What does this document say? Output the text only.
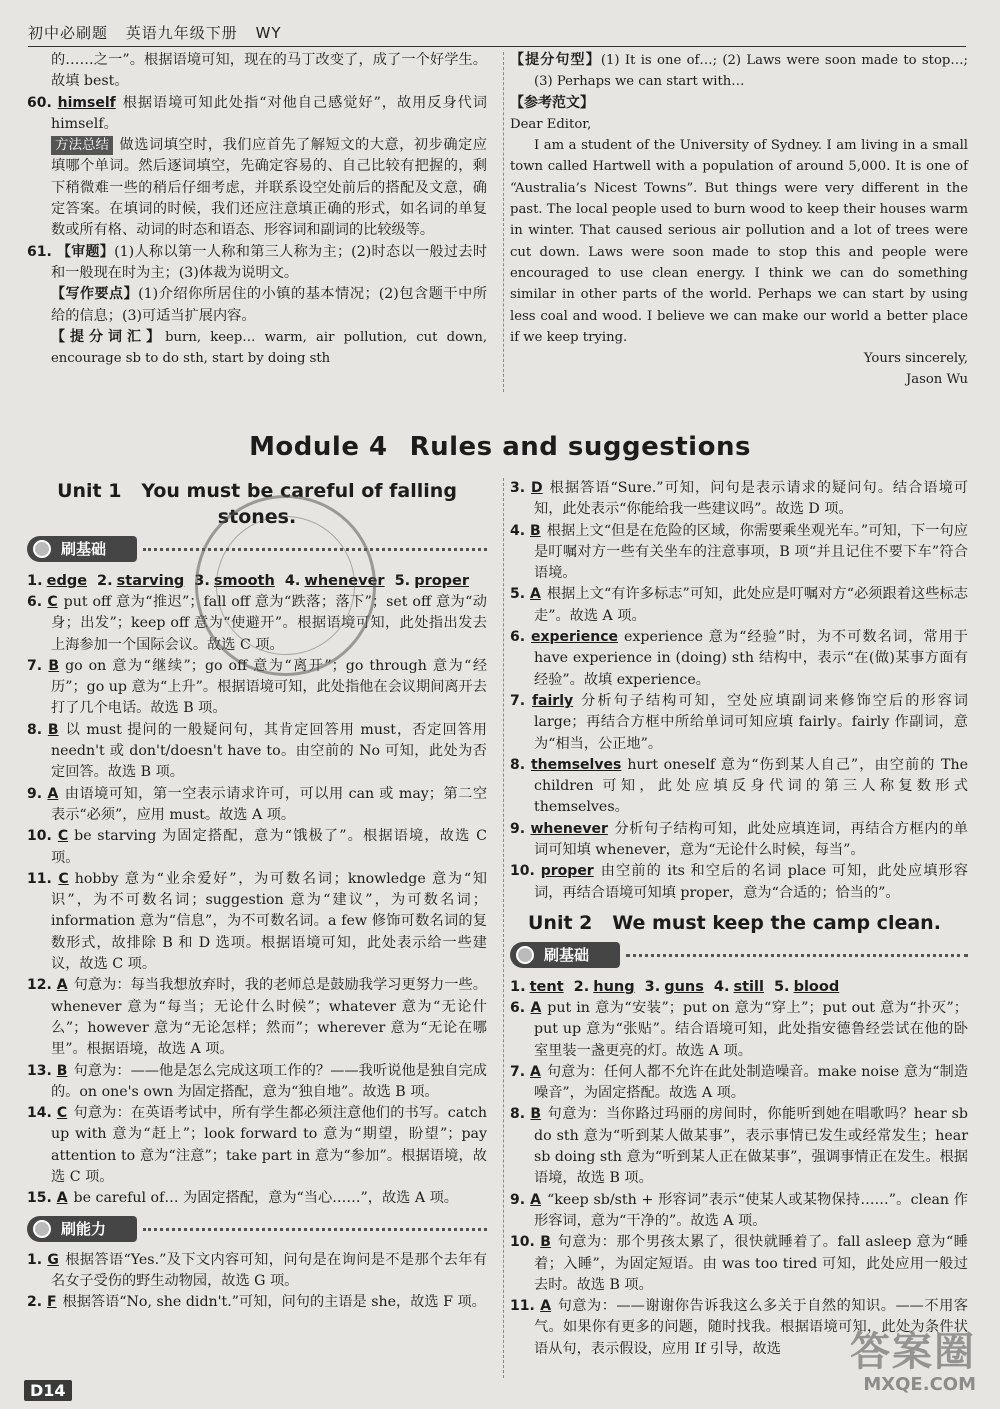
初中必刷题 英语九年级下册 WY

的……之一”。根据语境可知，现在的马丁改变了，成了一个好学生。故填 best。

60. himself 根据语境可知此处指“对他自己感觉好”，故用反身代词 himself。

方法总结 做选词填空时，我们应首先了解短文的大意，初步确定应填哪个单词。然后逐词填空，先确定容易的、自己比较有把握的，剩下稍微难一些的稍后仔细考虑，并联系设空处前后的搭配及文意，确定答案。在填词的时候，我们还应注意填正确的形式，如名词的单复数或所有格、动词的时态和语态、形容词和副词的比较级等。

61. 【审题】(1)人称以第一人称和第三人称为主；(2)时态以一般过去时和一般现在时为主；(3)体裁为说明文。

【写作要点】(1)介绍你所居住的小镇的基本情况；(2)包含题干中所给的信息；(3)可适当扩展内容。

【提分词汇】burn, keep… warm, air pollution, cut down, encourage sb to do sth, start by doing sth

【提分句型】(1) It is one of…; (2) Laws were soon made to stop…; (3) Perhaps we can start with…

【参考范文】

Dear Editor,

I am a student of the University of Sydney. I am living in a small town called Hartwell with a population of around 5,000. It is one of “Australia’s Nicest Towns”. But things were very different in the past. The local people used to burn wood to keep their houses warm in winter. That caused serious air pollution and a lot of trees were cut down. Laws were soon made to stop this and people were encouraged to use clean energy. I think we can do something similar in other parts of the world. Perhaps we can start by using less coal and wood. I believe we can make our world a better place if we keep trying.

Yours sincerely,

Jason Wu

Module 4 Rules and suggestions
Unit 1 You must be careful of falling stones.
刷基础

1. edge 2. starving 3. smooth 4. whenever 5. proper

6. C put off 意为“推迟”；fall off 意为“跌落；落下”；set off 意为“动身；出发”；keep off 意为“使避开”。根据语境可知，此处指出发去上海参加一个国际会议。故选 C 项。

7. B go on 意为“继续”；go off 意为“离开”；go through 意为“经历”；go up 意为“上升”。根据语境可知，此处指他在会议期间离开去打了几个电话。故选 B 项。

8. B 以 must 提问的一般疑问句，其肯定回答用 must，否定回答用 needn't 或 don't/doesn't have to。由空前的 No 可知，此处为否定回答。故选 B 项。

9. A 由语境可知，第一空表示请求许可，可以用 can 或 may；第二空表示“必须”，应用 must。故选 A 项。

10. C be starving 为固定搭配，意为“饿极了”。根据语境，故选 C 项。

11. C hobby 意为“业余爱好”，为可数名词；knowledge 意为“知识”，为不可数名词；suggestion 意为“建议”，为可数名词；information 意为“信息”，为不可数名词。a few 修饰可数名词的复数形式，故排除 B 和 D 选项。根据语境可知，此处表示给一些建议，故选 C 项。

12. A 句意为：每当我想放弃时，我的老师总是鼓励我学习更努力一些。whenever 意为“每当；无论什么时候”；whatever 意为“无论什么”；however 意为“无论怎样；然而”；wherever 意为“无论在哪里”。根据语境，故选 A 项。

13. B 句意为：——他是怎么完成这项工作的？——我听说他是独自完成的。on one's own 为固定搭配，意为“独自地”。故选 B 项。

14. C 句意为：在英语考试中，所有学生都必须注意他们的书写。catch up with 意为“赶上”；look forward to 意为“期望，盼望”；pay attention to 意为“注意”；take part in 意为“参加”。根据语境，故选 C 项。

15. A be careful of… 为固定搭配，意为“当心……”，故选 A 项。

刷能力

1. G 根据答语“Yes.”及下文内容可知，问句是在询问是不是那个去年有名女子受伤的野生动物园，故选 G 项。

2. F 根据答语“No, she didn't.”可知，问句的主语是 she，故选 F 项。

3. D 根据答语“Sure.”可知，问句是表示请求的疑问句。结合语境可知，此处表示“你能给我一些建议吗”。故选 D 项。

4. B 根据上文“但是在危险的区域，你需要乘坐观光车。”可知，下一句应是叮嘱对方一些有关坐车的注意事项，B 项“并且记住不要下车”符合语境。

5. A 根据上文“有许多标志”可知，此处应是叮嘱对方“必须跟着这些标志走”。故选 A 项。

6. experience experience 意为“经验”时，为不可数名词，常用于 have experience in (doing) sth 结构中，表示“在(做)某事方面有经验”。故填 experience。

7. fairly 分析句子结构可知，空处应填副词来修饰空后的形容词 large；再结合方框中所给单词可知应填 fairly。fairly 作副词，意为“相当，公正地”。

8. themselves hurt oneself 意为“伤到某人自己”，由空前的 The children 可知，此处应填反身代词的第三人称复数形式 themselves。

9. whenever 分析句子结构可知，此处应填连词，再结合方框内的单词可知填 whenever，意为“无论什么时候，每当”。

10. proper 由空前的 its 和空后的名词 place 可知，此处应填形容词，再结合语境可知填 proper，意为“合适的；恰当的”。

Unit 2 We must keep the camp clean.
刷基础

1. tent 2. hung 3. guns 4. still 5. blood

6. A put in 意为“安装”；put on 意为“穿上”；put out 意为“扑灭”；put up 意为“张贴”。结合语境可知，此处指安德鲁经尝试在他的卧室里装一盏更亮的灯。故选 A 项。

7. A 句意为：任何人都不允许在此处制造噪音。make noise 意为“制造噪音”，为固定搭配。故选 A 项。

8. B 句意为：当你路过玛丽的房间时，你能听到她在唱歌吗？hear sb do sth 意为“听到某人做某事”，表示事情已发生或经常发生；hear sb doing sth 意为“听到某人正在做某事”，强调事情正在发生。根据语境，故选 B 项。

9. A “keep sb/sth + 形容词”表示“使某人或某物保持……”。clean 作形容词，意为“干净的”。故选 A 项。

10. B 句意为：那个男孩太累了，很快就睡着了。fall asleep 意为“睡着；入睡”，为固定短语。由 was too tired 可知，此处应用一般过去时。故选 B 项。

11. A 句意为：——谢谢你告诉我这么多关于自然的知识。——不用客气。如果你有更多的问题，随时找我。根据语境可知，此处为条件状语从句，表示假设，应用 If 引导，故选

D14
答案圈
MXQE.COM
